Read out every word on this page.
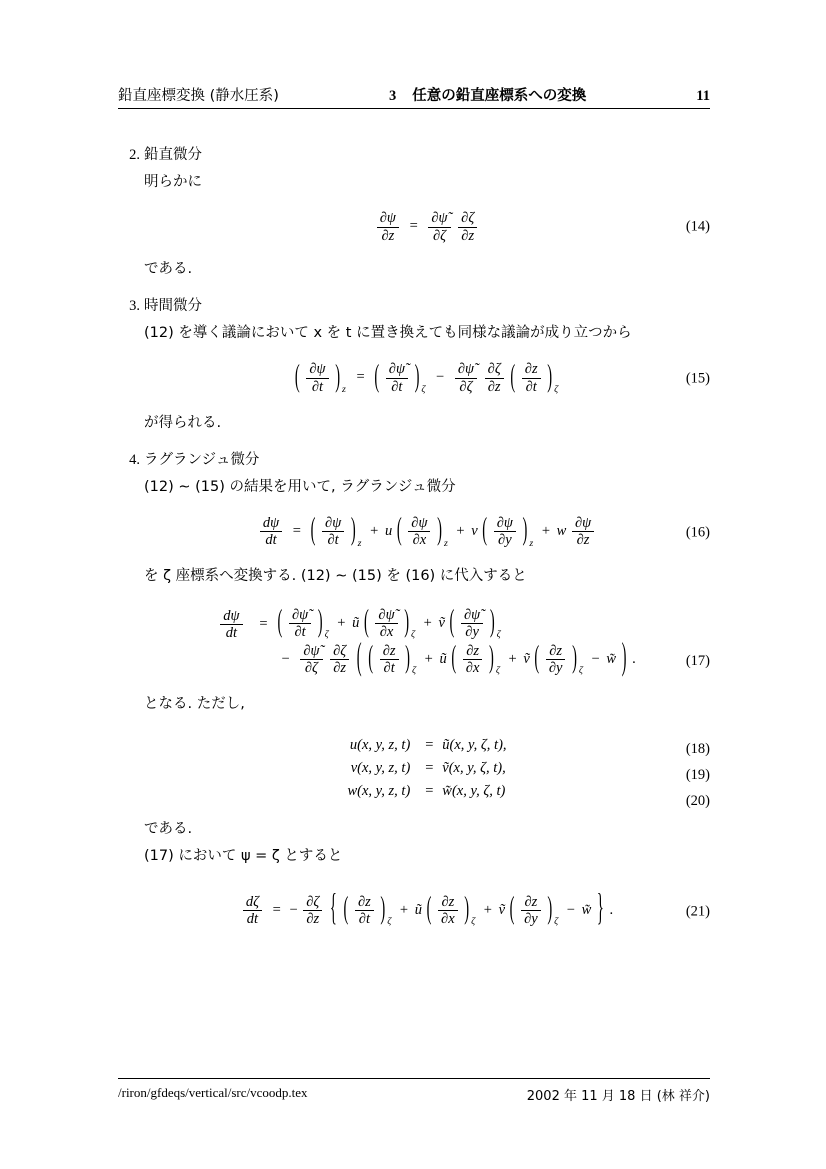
鉛直座標変換 (静水圧系)	3 任意の鉛直座標系への変換	11
2. 鉛直微分
明らかに
$\frac{\partial\psi}{\partial z} = \frac{\partial\psĩ}{\partial\zeta}$
$\frac{\partial\zeta}{\partial z}$	(14)
である.
3. 時間微分
(12) を導く議論において x を t に置き換えても同様な議論が成り立つから
( $\frac{\partial\psi}{\partial t}$ ) $_z$ = ( $\frac{\partial\psĩ}{\partial t}$ ) $_\zeta - \frac{\partial\psĩ}{\partial\zeta}$
$\frac{\partial\zeta}{\partial z}$ ( $\frac{\partial z}{\partial t}$ ) $_\zeta$
(15)
が得られる.
4. ラグランジュ微分
(12) ∼ (15) の結果を用いて, ラグランジュ微分
$\frac{d\psi}{dt}$ = ( $\frac{\partial\psi}{\partial t}$ ) $_z$ + u ( $\frac{\partial\psi}{\partial x}$ ) $_z$ + v ( $\frac{\partial\psi}{\partial y}$ ) $_z$ + w $\frac{\partial\psi}{\partial z}$	(16)
を ζ 座標系へ変換する. (12) ∼ (15) を (16) に代入すると
$\frac{d\psi}{dt}$	=	( $\frac{\partial\psĩ}{\partial t}$ ) $_\zeta$ + ũ ( $\frac{\partial\psĩ}{\partial x}$ ) $_\zeta$ + ṽ ( $\frac{\partial\psĩ}{\partial y}$ ) $_\zeta$
		− $\frac{\partial\psĩ}{\partial\zeta}$
$\frac{\partial\zeta}{\partial z}$ ( ( $\frac{\partial z}{\partial t}$ ) $_\zeta$ + ũ ( $\frac{\partial z}{\partial x}$ ) $_\zeta$ + ṽ ( $\frac{\partial z}{\partial y}$ ) $_\zeta$ − w̃ ) .	(17)
となる. ただし,
u(x, y, z, t)	=	ũ(x, y, ζ, t),
v(x, y, z, t)	=	ṽ(x, y, ζ, t),
w(x, y, z, t)	=	w̃(x, y, ζ, t)
(18)
(19)
(20)
である.
(17) において ψ = ζ とすると
$\frac{d\zeta}{dt}$ = − $\frac{\partial\zeta}{\partial z}$ { ( $\frac{\partial z}{\partial t}$ ) $_\zeta$ + ũ ( $\frac{\partial z}{\partial x}$ ) $_\zeta$ + ṽ ( $\frac{\partial z}{\partial y}$ ) $_\zeta$ − w̃ } .	(21)
/riron/gfdeqs/vertical/src/vcoodp.tex	2002 年 11 月 18 日 (林 祥介)
